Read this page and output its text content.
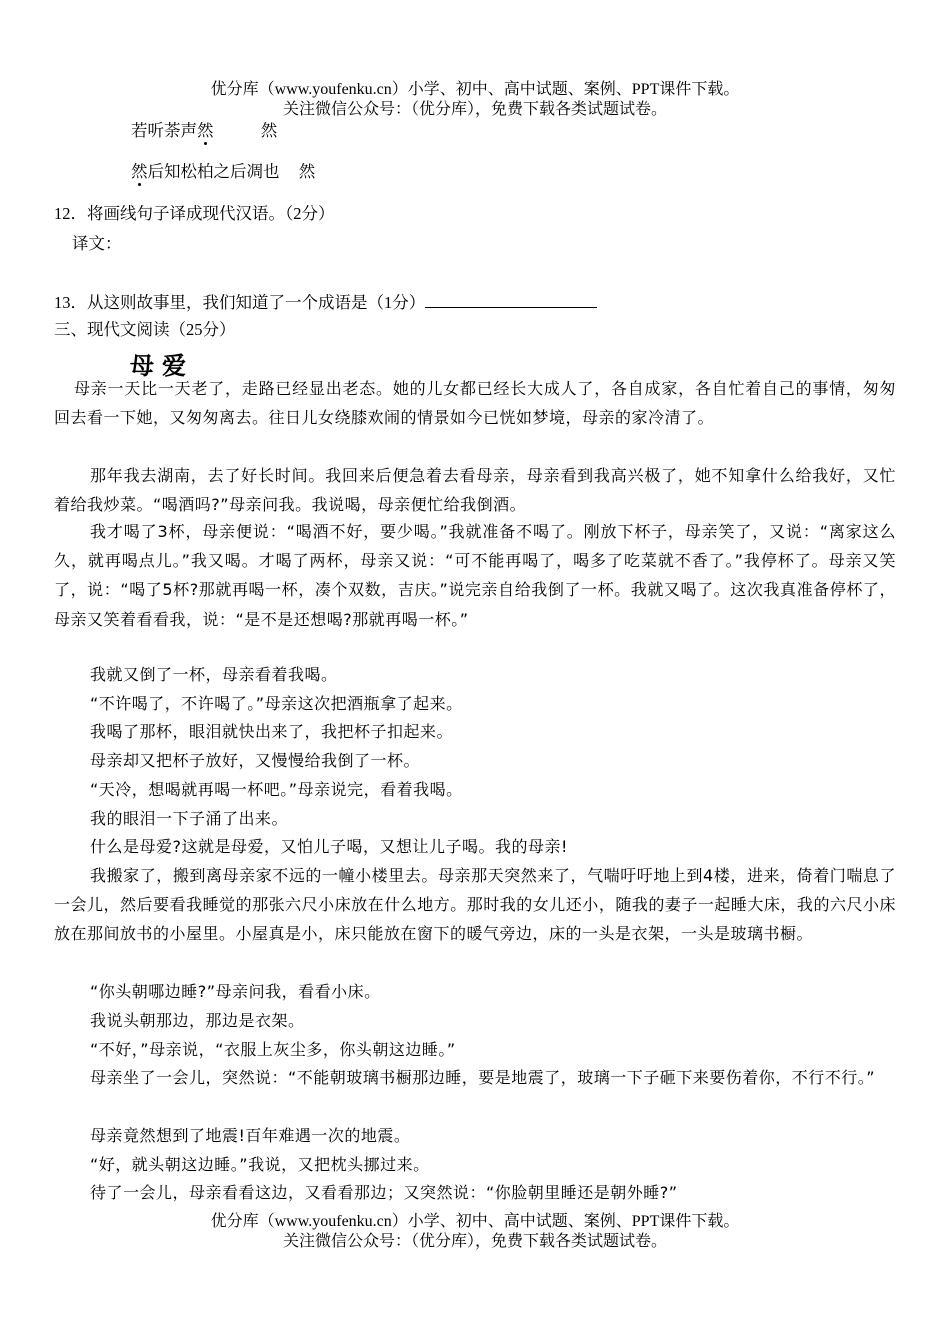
优分库（www.youfenku.cn）小学、初中、高中试题、案例、PPT课件下载。
关注微信公众号：（优分库），免费下载各类试题试卷。
若听荼声然	然
然后知松柏之后凋也 然
12．将画线句子译成现代汉语。（2分）
译文：
13．从这则故事里，我们知道了一个成语是（1分）
三、现代文阅读（25分）
母爱
母亲一天比一天老了，走路已经显出老态。她的儿女都已经长大成人了，各自成家，各自忙着自己的事情，匆匆回去看一下她，又匆匆离去。往日儿女绕膝欢闹的情景如今已恍如梦境，母亲的家冷清了。
那年我去湖南，去了好长时间。我回来后便急着去看母亲，母亲看到我高兴极了，她不知拿什么给我好，又忙着给我炒菜。“喝酒吗?”母亲问我。我说喝，母亲便忙给我倒酒。
我才喝了3杯，母亲便说：“喝酒不好，要少喝。”我就准备不喝了。刚放下杯子，母亲笑了，又说：“离家这么久，就再喝点儿。”我又喝。才喝了两杯，母亲又说：“可不能再喝了，喝多了吃菜就不香了。”我停杯了。母亲又笑了，说：“喝了5杯?那就再喝一杯，凑个双数，吉庆。”说完亲自给我倒了一杯。我就又喝了。这次我真准备停杯了，母亲又笑着看看我，说：“是不是还想喝?那就再喝一杯。”
我就又倒了一杯，母亲看着我喝。
“不许喝了，不许喝了。”母亲这次把酒瓶拿了起来。
我喝了那杯，眼泪就快出来了，我把杯子扣起来。
母亲却又把杯子放好，又慢慢给我倒了一杯。
“天冷，想喝就再喝一杯吧。”母亲说完，看着我喝。
我的眼泪一下子涌了出来。
什么是母爱?这就是母爱，又怕儿子喝，又想让儿子喝。我的母亲!
我搬家了，搬到离母亲家不远的一幢小楼里去。母亲那天突然来了，气喘吁吁地上到4楼，进来，倚着门喘息了一会儿，然后要看我睡觉的那张六尺小床放在什么地方。那时我的女儿还小，随我的妻子一起睡大床，我的六尺小床放在那间放书的小屋里。小屋真是小，床只能放在窗下的暖气旁边，床的一头是衣架，一头是玻璃书橱。
“你头朝哪边睡?”母亲问我，看看小床。
我说头朝那边，那边是衣架。
“不好，”母亲说，“衣服上灰尘多，你头朝这边睡。”
母亲坐了一会儿，突然说：“不能朝玻璃书橱那边睡，要是地震了，玻璃一下子砸下来要伤着你，不行不行。”
母亲竟然想到了地震!百年难遇一次的地震。
“好，就头朝这边睡。”我说，又把枕头挪过来。
待了一会儿，母亲看看这边，又看看那边；又突然说：“你脸朝里睡还是朝外睡?”
优分库（www.youfenku.cn）小学、初中、高中试题、案例、PPT课件下载。
关注微信公众号：（优分库），免费下载各类试题试卷。
